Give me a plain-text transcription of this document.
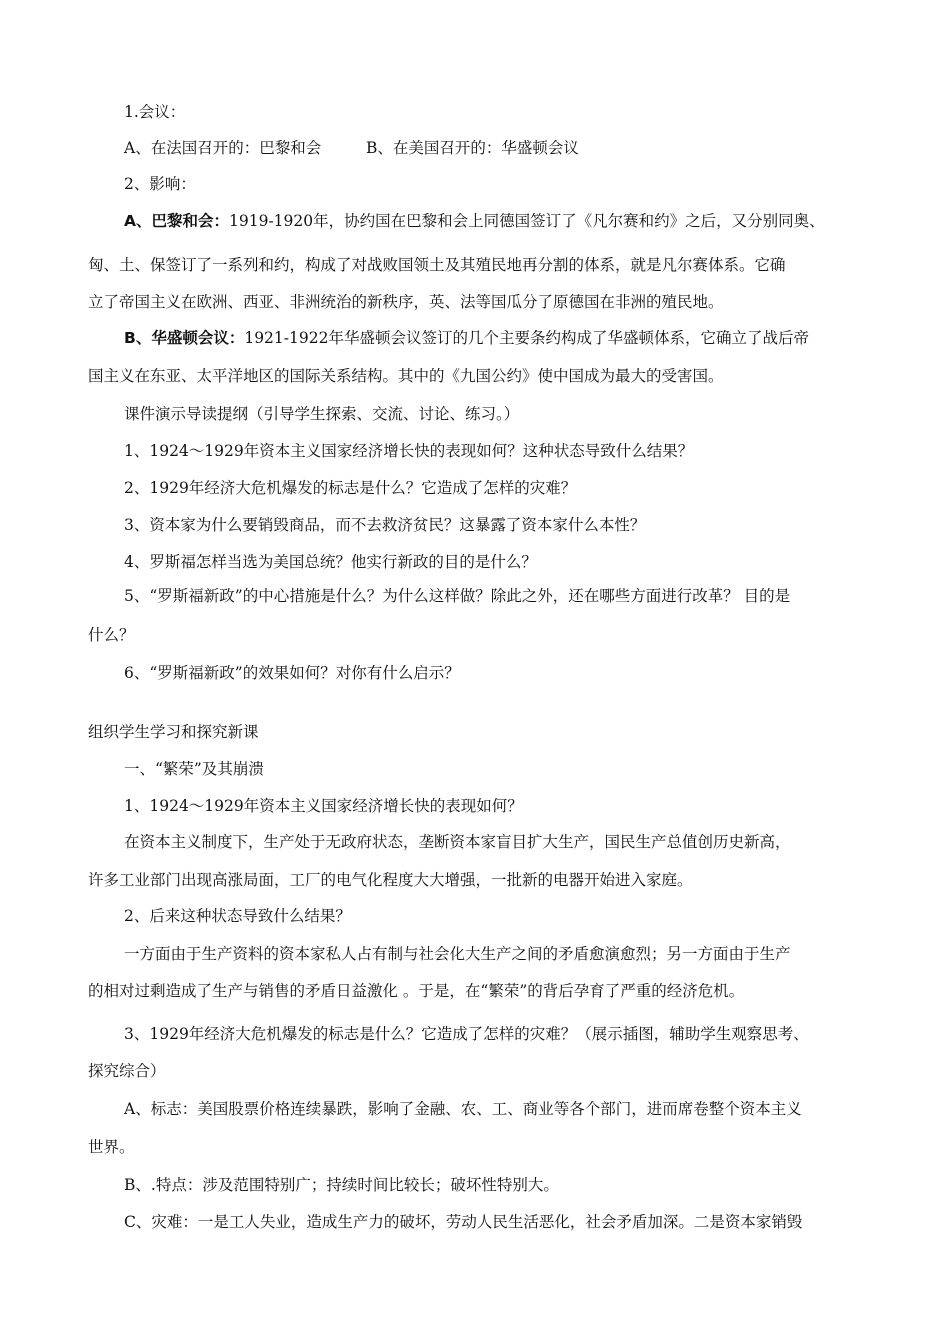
1.会议：
A、在法国召开的：巴黎和会	B、在美国召开的：华盛顿会议
2、影响：
A、巴黎和会：1919-1920年，协约国在巴黎和会上同德国签订了《凡尔赛和约》之后，又分别同奥、
匈、土、保签订了一系列和约，构成了对战败国领土及其殖民地再分割的体系，就是凡尔赛体系。它确
立了帝国主义在欧洲、西亚、非洲统治的新秩序，英、法等国瓜分了原德国在非洲的殖民地。
B、华盛顿会议：1921-1922年华盛顿会议签订的几个主要条约构成了华盛顿体系，它确立了战后帝
国主义在东亚、太平洋地区的国际关系结构。其中的《九国公约》使中国成为最大的受害国。
课件演示导读提纲（引导学生探索、交流、讨论、练习。）
1、1924～1929年资本主义国家经济增长快的表现如何？这种状态导致什么结果？
2、1929年经济大危机爆发的标志是什么？它造成了怎样的灾难？
3、资本家为什么要销毁商品，而不去救济贫民？这暴露了资本家什么本性？
4、罗斯福怎样当选为美国总统？他实行新政的目的是什么？
5、“罗斯福新政”的中心措施是什么？为什么这样做？除此之外，还在哪些方面进行改革？ 目的是
什么？
6、“罗斯福新政”的效果如何？对你有什么启示？
组织学生学习和探究新课
一、“繁荣”及其崩溃
1、1924～1929年资本主义国家经济增长快的表现如何？
在资本主义制度下，生产处于无政府状态，垄断资本家盲目扩大生产，国民生产总值创历史新高，
许多工业部门出现高涨局面，工厂的电气化程度大大增强，一批新的电器开始进入家庭。
2、后来这种状态导致什么结果？
一方面由于生产资料的资本家私人占有制与社会化大生产之间的矛盾愈演愈烈；另一方面由于生产
的相对过剩造成了生产与销售的矛盾日益激化 。于是，在“繁荣”的背后孕育了严重的经济危机。
3、1929年经济大危机爆发的标志是什么？它造成了怎样的灾难？（展示插图，辅助学生观察思考、
探究综合）
A、标志：美国股票价格连续暴跌，影响了金融、农、工、商业等各个部门，进而席卷整个资本主义
世界。
B、.特点：涉及范围特别广；持续时间比较长；破坏性特别大。
C、灾难：一是工人失业，造成生产力的破坏，劳动人民生活恶化，社会矛盾加深。二是资本家销毁
